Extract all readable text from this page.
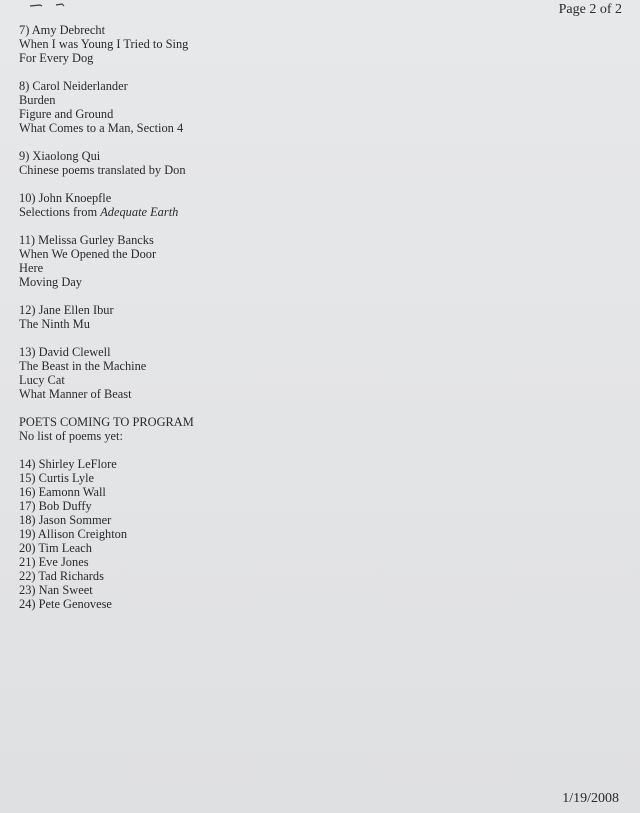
Page 2 of 2
7) Amy Debrecht
When I was Young I Tried to Sing
For Every Dog
8) Carol Neiderlander
Burden
Figure and Ground
What Comes to a Man, Section 4
9) Xiaolong Qui
Chinese poems translated by Don
10) John Knoepfle
Selections from Adequate Earth
11) Melissa Gurley Bancks
When We Opened the Door
Here
Moving Day
12) Jane Ellen Ibur
The Ninth Mu
13) David Clewell
The Beast in the Machine
Lucy Cat
What Manner of Beast
POETS COMING TO PROGRAM
No list of poems yet:
14) Shirley LeFlore
15) Curtis Lyle
16) Eamonn Wall
17) Bob Duffy
18) Jason Sommer
19) Allison Creighton
20) Tim Leach
21) Eve Jones
22) Tad Richards
23) Nan Sweet
24) Pete Genovese
1/19/2008
